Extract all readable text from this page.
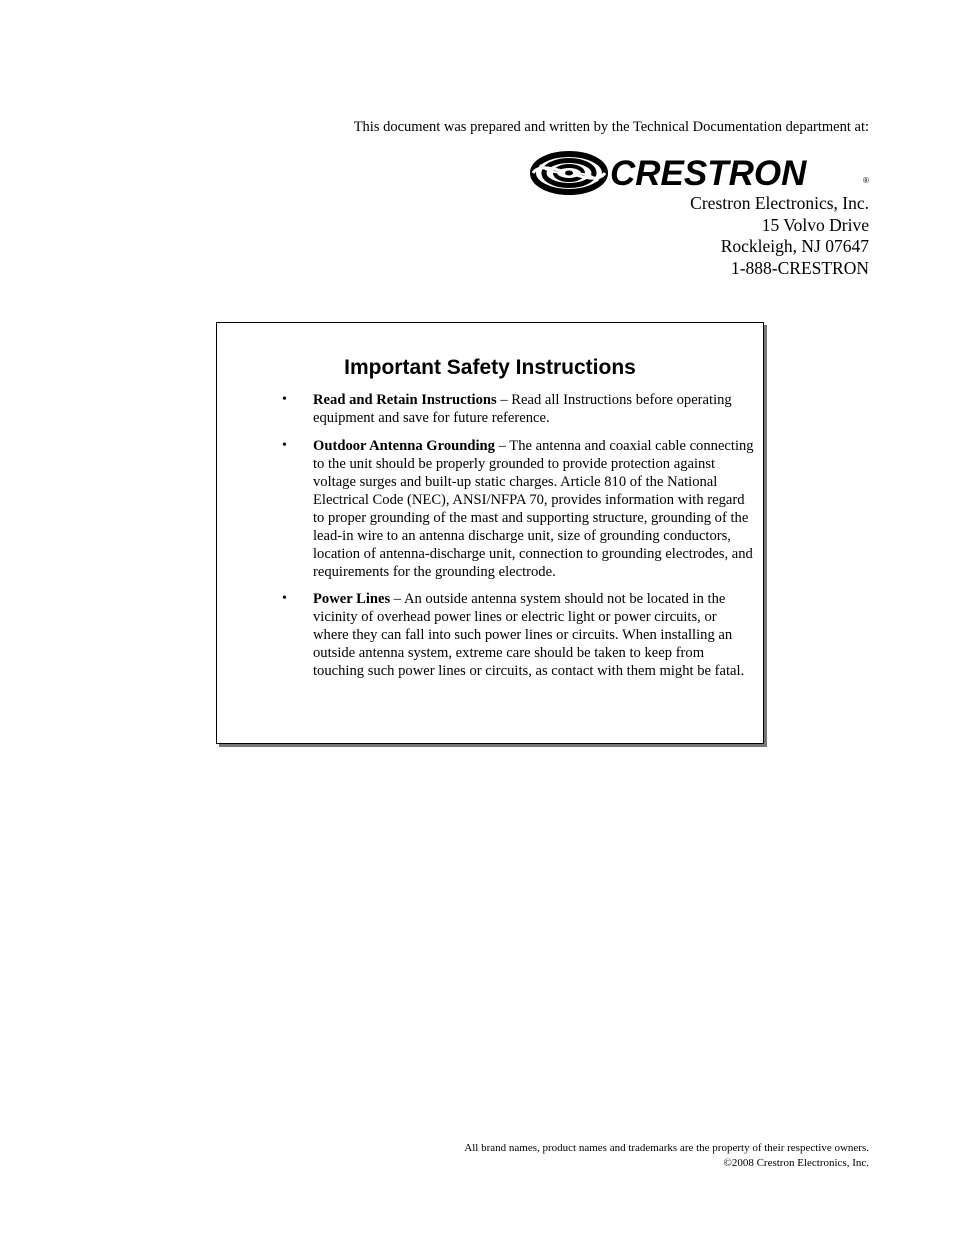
This document was prepared and written by the Technical Documentation department at:
CRESTRON	®
Crestron Electronics, Inc.
15 Volvo Drive
Rockleigh, NJ 07647
1-888-CRESTRON
Important Safety Instructions
• Read and Retain Instructions – Read all Instructions before operating equipment and save for future reference.
• Outdoor Antenna Grounding – The antenna and coaxial cable connecting to the unit should be properly grounded to provide protection against voltage surges and built-up static charges. Article 810 of the National Electrical Code (NEC), ANSI/NFPA 70, provides information with regard to proper grounding of the mast and supporting structure, grounding of the lead-in wire to an antenna discharge unit, size of grounding conductors, location of antenna-discharge unit, connection to grounding electrodes, and requirements for the grounding electrode.
• Power Lines – An outside antenna system should not be located in the vicinity of overhead power lines or electric light or power circuits, or where they can fall into such power lines or circuits. When installing an outside antenna system, extreme care should be taken to keep from touching such power lines or circuits, as contact with them might be fatal.
All brand names, product names and trademarks are the property of their respective owners.
©2008 Crestron Electronics, Inc.
